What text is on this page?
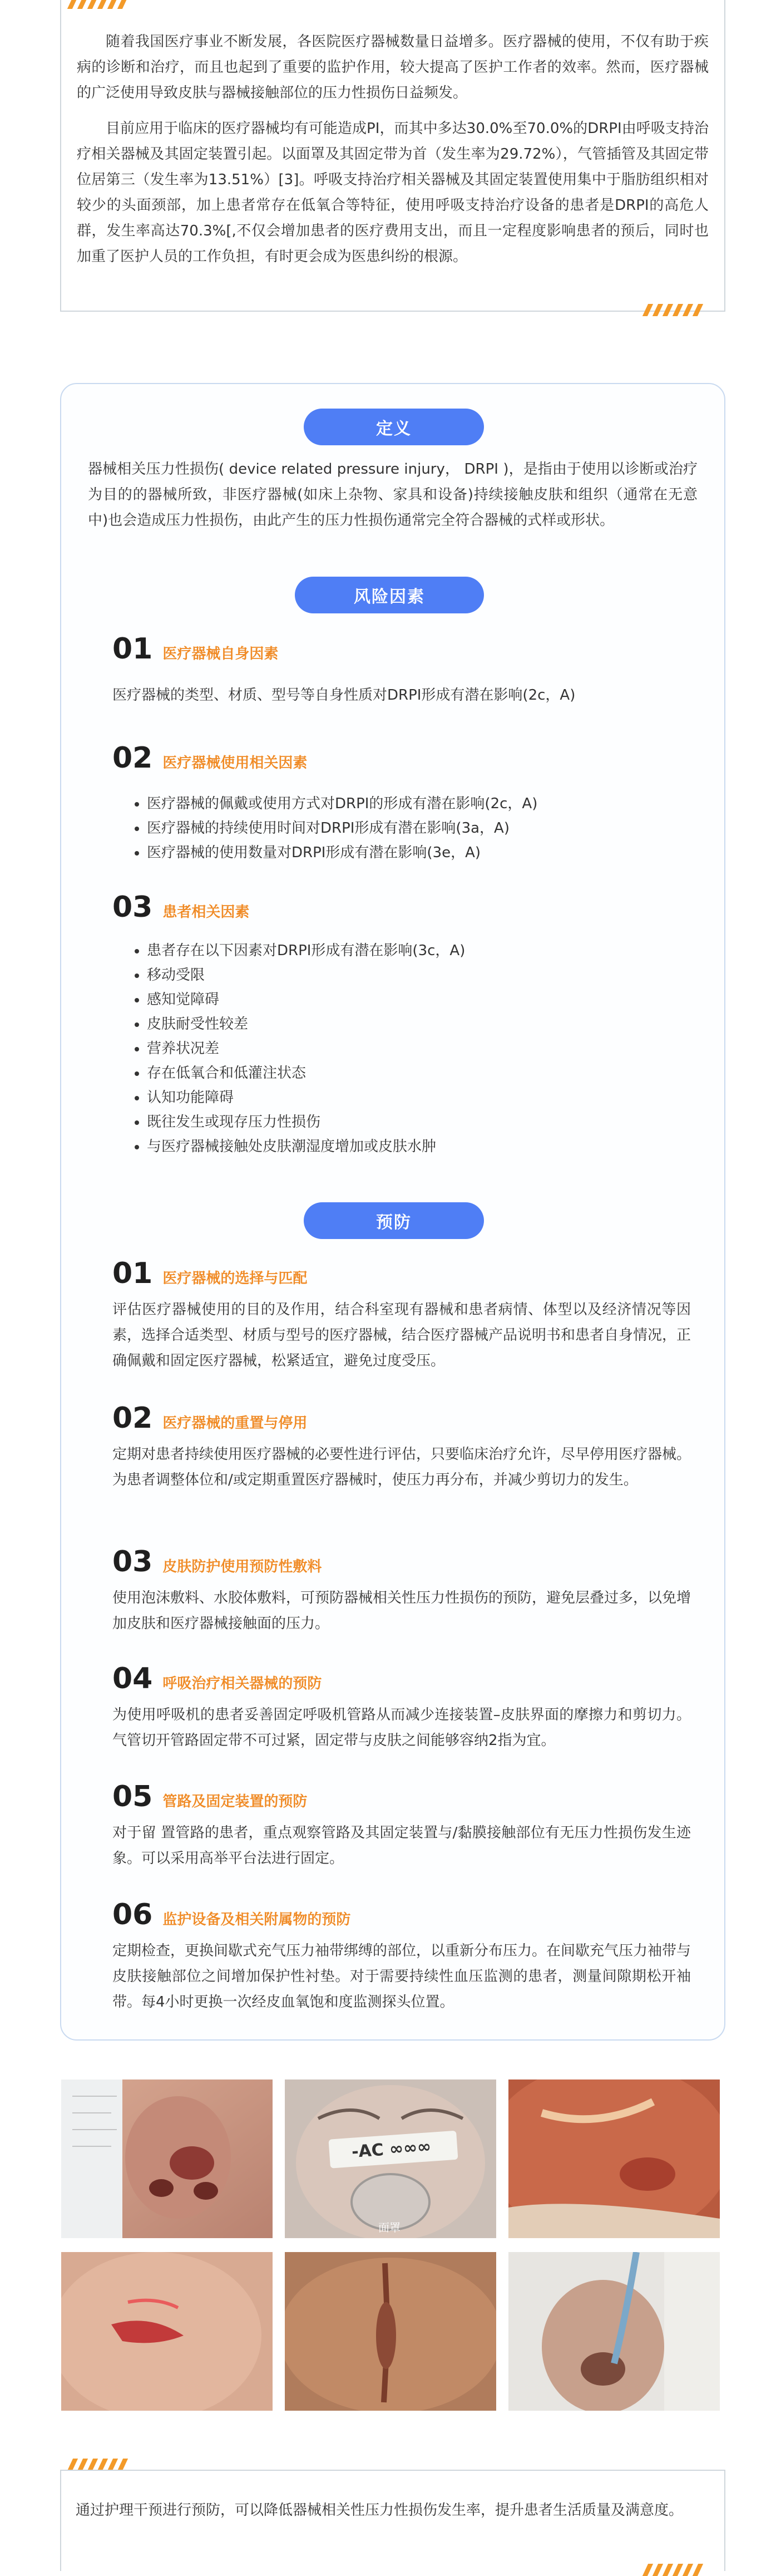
随着我国医疗事业不断发展，各医院医疗器械数量日益增多。医疗器械的使用，不仅有助于疾病的诊断和治疗，而且也起到了重要的监护作用，较大提高了医护工作者的效率。然而，医疗器械的广泛使用导致皮肤与器械接触部位的压力性损伤日益频发。

目前应用于临床的医疗器械均有可能造成PI，而其中多达30.0%至70.0%的DRPI由呼吸支持治疗相关器械及其固定装置引起。以面罩及其固定带为首（发生率为29.72%），气管插管及其固定带位居第三（发生率为13.51%）[3]。呼吸支持治疗相关器械及其固定装置使用集中于脂肪组织相对较少的头面颈部，加上患者常存在低氧合等特征，使用呼吸支持治疗设备的患者是DRPI的高危人群，发生率高达70.3%[,不仅会增加患者的医疗费用支出，而且一定程度影响患者的预后，同时也加重了医护人员的工作负担，有时更会成为医患纠纷的根源。

定义

器械相关压力性损伤( device related pressure injury， DRPI )，是指由于使用以诊断或治疗为目的的器械所致，非医疗器械(如床上杂物、家具和设备)持续接触皮肤和组织（通常在无意中)也会造成压力性损伤，由此产生的压力性损伤通常完全符合器械的式样或形状。

风险因素
01 医疗器械自身因素

医疗器械的类型、材质、型号等自身性质对DRPI形成有潜在影响(2c，A)

02 医疗器械使用相关因素
医疗器械的佩戴或使用方式对DRPI的形成有潜在影响(2c，A)
医疗器械的持续使用时间对DRPI形成有潜在影响(3a，A)
医疗器械的使用数量对DRPI形成有潜在影响(3e，A)
03 患者相关因素
患者存在以下因素对DRPI形成有潜在影响(3c，A)
移动受限
感知觉障碍
皮肤耐受性较差
营养状况差
存在低氧合和低灌注状态
认知功能障碍
既往发生或现存压力性损伤
与医疗器械接触处皮肤潮湿度增加或皮肤水肿
预防
01 医疗器械的选择与匹配

评估医疗器械使用的目的及作用，结合科室现有器械和患者病情、体型以及经济情况等因素，选择合适类型、材质与型号的医疗器械，结合医疗器械产品说明书和患者自身情况，正确佩戴和固定医疗器械，松紧适宜，避免过度受压。

02 医疗器械的重置与停用

定期对患者持续使用医疗器械的必要性进行评估，只要临床治疗允许，尽早停用医疗器械。为患者调整体位和/或定期重置医疗器械时，使压力再分布，并减少剪切力的发生。

03 皮肤防护使用预防性敷料

使用泡沫敷料、水胶体敷料，可预防器械相关性压力性损伤的预防，避免层叠过多，以免增加皮肤和医疗器械接触面的压力。

04 呼吸治疗相关器械的预防

为使用呼吸机的患者妥善固定呼吸机管路从而减少连接装置–皮肤界面的摩擦力和剪切力。气管切开管路固定带不可过紧，固定带与皮肤之间能够容纳2指为宜。

05 管路及固定装置的预防

对于留 置管路的患者，重点观察管路及其固定装置与/黏膜接触部位有无压力性损伤发生迹象。可以采用高举平台法进行固定。

06 监护设备及相关附属物的预防

定期检查，更换间歇式充气压力袖带绑缚的部位，以重新分布压力。在间歇充气压力袖带与皮肤接触部位之间增加保护性衬垫。对于需要持续性血压监测的患者，测量间隙期松开袖带。每4小时更换一次经皮血氧饱和度监测探头位置。

-AC ∞∞∞
面罩

通过护理干预进行预防，可以降低器械相关性压力性损伤发生率，提升患者生活质量及满意度。
